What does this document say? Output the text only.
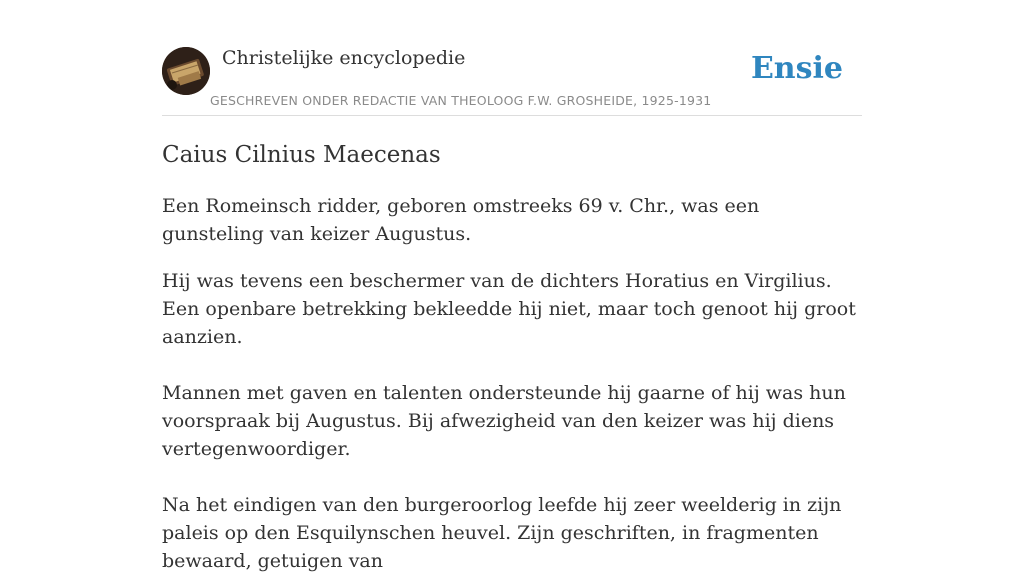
Christelijke encyclopedie
GESCHREVEN ONDER REDACTIE VAN THEOLOOG F.W. GROSHEIDE, 1925-1931
Ensie
Caius Cilnius Maecenas

Een Romeinsch ridder, geboren omstreeks 69 v. Chr., was een gunsteling van keizer Augustus.

Hij was tevens een beschermer van de dichters Horatius en Virgilius. Een openbare betrekking bekleedde hij niet, maar toch genoot hij groot aanzien.

Mannen met gaven en talenten ondersteunde hij gaarne of hij was hun voorspraak bij Augustus. Bij afwezigheid van den keizer was hij diens vertegenwoordiger.

Na het eindigen van den burgeroorlog leefde hij zeer weelderig in zijn paleis op den Esquilynschen heuvel. Zijn geschriften, in fragmenten bewaard, getuigen van
